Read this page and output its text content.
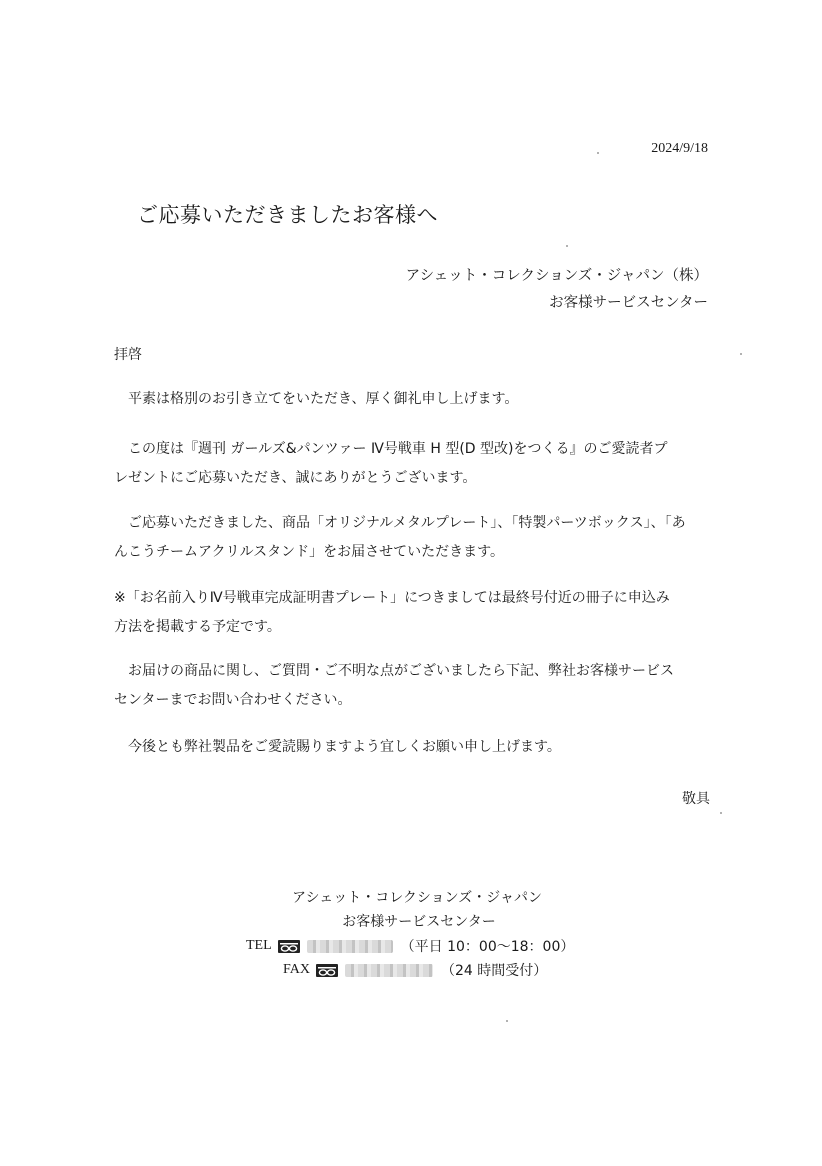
2024/9/18
ご応募いただきましたお客様へ
アシェット・コレクションズ・ジャパン（株）
お客様サービスセンター
拝啓
平素は格別のお引き立てをいただき、厚く御礼申し上げます。
この度は『週刊 ガールズ&パンツァー Ⅳ号戦車 H 型(D 型改)をつくる』のご愛読者プ
レゼントにご応募いただき、誠にありがとうございます。
ご応募いただきました、商品「オリジナルメタルプレート」、「特製パーツボックス」、「あ
んこうチームアクリルスタンド」をお届させていただきます。
※「お名前入りⅣ号戦車完成証明書プレート」につきましては最終号付近の冊子に申込み
方法を掲載する予定です。
お届けの商品に関し、ご質問・ご不明な点がございましたら下記、弊社お客様サービス
センターまでお問い合わせください。
今後とも弊社製品をご愛読賜りますよう宜しくお願い申し上げます。
敬具
アシェット・コレクションズ・ジャパン
お客様サービスセンター
TEL	（平日 10：00〜18：00）
FAX	（24 時間受付）
